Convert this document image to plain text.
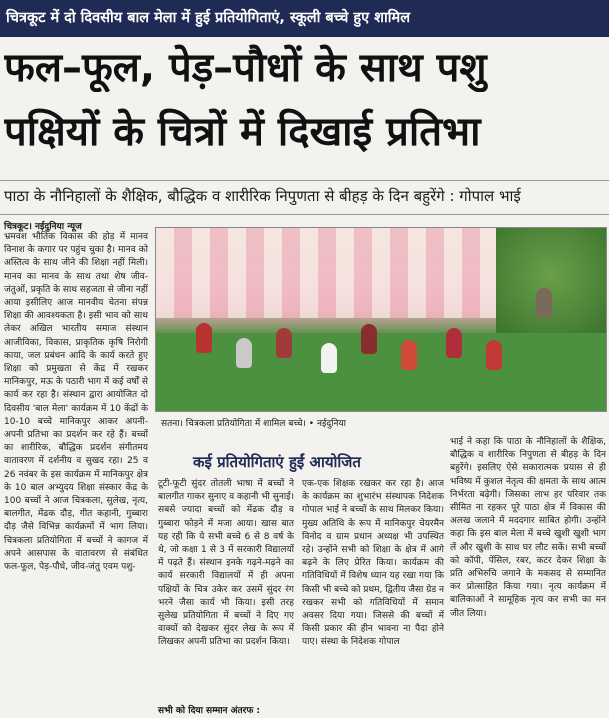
चित्रकूट में दो दिवसीय बाल मेला में हुई प्रतियोगिताएं, स्कूली बच्चे हुए शामिल
फल–फूल, पेड़–पौधों के साथ पशु
पक्षियों के चित्रों में दिखाई प्रतिभा
पाठा के नौनिहालों के शैक्षिक, बौद्धिक व शारीरिक निपुणता से बीहड़ के दिन बहुरेंगे : गोपाल भाई
चित्रकूट। नईदुनिया न्यूज
भ्रमवश भौतिक विकास की होड़ में मानव विनाश के कगार पर पहुंच चुका है। मानव को अस्तित्व के साथ जीने की शिक्षा नहीं मिली। मानव का मानव के साथ तथा शेष जीव-जंतुओं, प्रकृति के साथ सहजता से जीना नहीं आया इसीलिए आज मानवीय चेतना संपन्न शिक्षा की आवश्यकता है। इसी भाव को साथ लेकर अखिल भारतीय समाज संस्थान आजीविका, विकास, प्राकृतिक कृषि निरोगी काया, जल प्रबंधन आदि के कार्य करते हुए शिक्षा को प्रमुखता से केंद्र में रखकर मानिकपुर, मऊ के पठारी भाग में कई वर्षों से कार्य कर रहा है। संस्थान द्वारा आयोजित दो दिवसीय 'बाल मेला' कार्यक्रम में 10 केंद्रों के 10-10 बच्चे मानिकपुर आकर अपनी-अपनी प्रतिभा का प्रदर्शन कर रहे हैं। बच्चों का शारीरिक, बौद्धिक प्रदर्शन संगीतमय वातावरण में दर्शनीय व सुखद रहा। 25 व 26 नवंबर के इस कार्यक्रम में मानिकपुर क्षेत्र के 10 बाल अभ्युदय शिक्षा संस्कार केंद्र के 100 बच्चों ने आज चित्रकला, सुलेख, नृत्य, बालगीत, मेंढक दौड़, गीत कहानी, गुब्बारा दौड़ जैसे विभिन्न कार्यक्रमों में भाग लिया। चित्रकला प्रतियोगिता में बच्चों ने कागज में अपने आसपास के वातावरण से संबंधित फल-फूल, पेड़-पौधे, जीव-जंतु एवम पशु-
सतना। चित्रकला प्रतियोगिता में शामिल बच्चे। • नईदुनिया
कई प्रतियोगिताएं हुईं आयोजित
टूटी-फूटी सुंदर तोतली भाषा में बच्चों ने बालगीत गाकर सुनाए व कहानी भी सुनाई। सबसे ज्यादा बच्चों को मेंढक दौड़ व गुब्बारा फोड़ने में मजा आया। खास बात यह रही कि ये सभी बच्चे 6 से 8 वर्ष के थे, जो कक्षा 1 से 3 में सरकारी विद्यालयों में पढ़ते हैं। संस्थान इनके गढ़ने-मढ़ने का कार्य सरकारी विद्यालयों में ही अपना पक्षियों के चित्र उकेर कर उसमें सुंदर रंग भरने जैसा कार्य भी किया। इसी तरह सुलेख प्रतियोगिता में बच्चों ने दिए गए वाक्यों को देखकर सुंदर लेख के रूप में लिखकर अपनी प्रतिभा का प्रदर्शन किया।
एक-एक शिक्षक रखकर कर रहा है। आज के कार्यक्रम का शुभारंभ संस्थापक निदेशक गोपाल भाई ने बच्चों के साथ मिलकर किया। मुख्य अतिथि के रूप में मानिकपुर चेयरमैन विनोद व ग्राम प्रधान अध्यक्ष भी उपस्थित रहे। उन्होंने सभी को शिक्षा के क्षेत्र में आगे बढ़ने के लिए प्रेरित किया। कार्यक्रम की गतिविधियों में विशेष ध्यान यह रखा गया कि किसी भी बच्चे को प्रथम, द्वितीय जैसा ग्रेड न रखकर सभी को गतिविधियों में समान अवसर दिया गया। जिससे की बच्चों में किसी प्रकार की हीन भावना ना पैदा होने पाए। संस्था के निदेशक गोपाल
भाई ने कहा कि पाठा के नौनिहालों के शैक्षिक, बौद्धिक व शारीरिक निपुणता से बीहड़ के दिन बहुरेंगे। इसलिए ऐसे सकारात्मक प्रयास से ही भविष्य में कुशल नेतृत्व की क्षमता के साथ आत्म निर्भरता बढ़ेगी। जिसका लाभ हर परिवार तक सीमित ना रहकर पूरे पाठा क्षेत्र में विकास की अलख जलाने में मददगार साबित होगी। उन्होंने कहा कि इस बाल मेला में बच्चे खुशी खुशी भाग लें और खुशी के साथ घर लौट सकें। सभी बच्चों को कॉपी, पेंसिल, रबर, कटर देकर शिक्षा के प्रति अभिरुचि जगाने के मकसद से सम्मानित कर प्रोत्साहित किया गया। नृत्य कार्यक्रम में बालिकाओं ने सामूहिक नृत्य कर सभी का मन जीत लिया।
सभी को दिया सम्मान अंतरफ :
